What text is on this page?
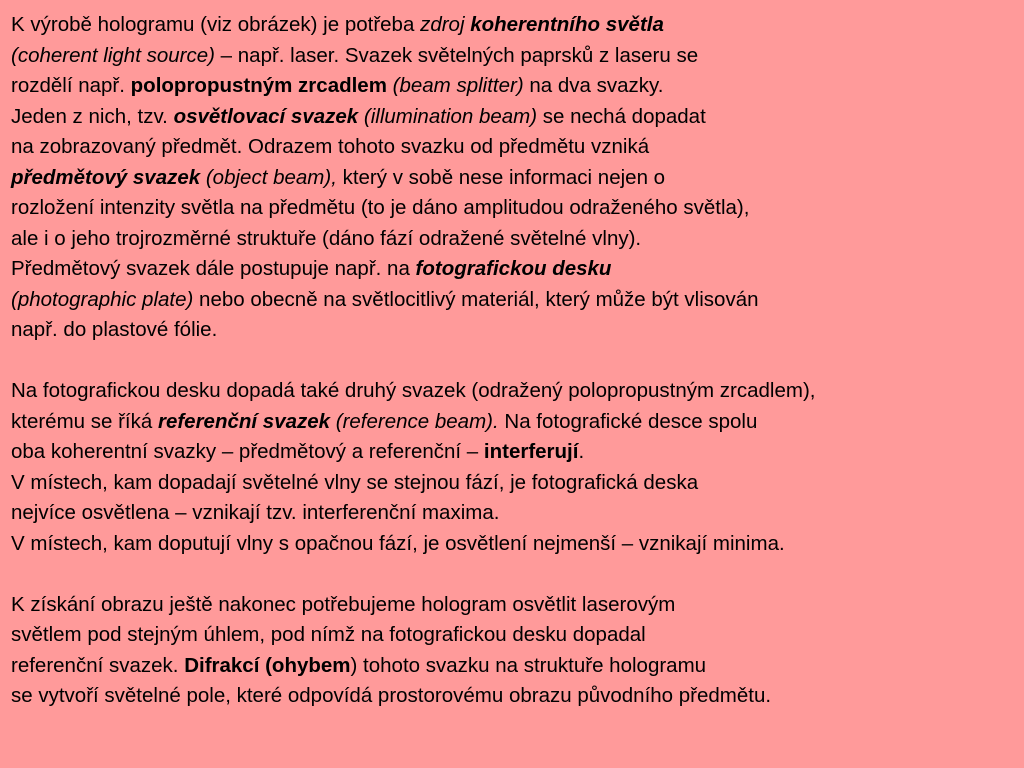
K výrobě hologramu (viz obrázek) je potřeba zdroj koherentního světla
(coherent light source) – např. laser. Svazek světelných paprsků z laseru se
rozdělí např. polopropustným zrcadlem (beam splitter) na dva svazky.
Jeden z nich, tzv. osvětlovací svazek (illumination beam) se nechá dopadat
na zobrazovaný předmět. Odrazem tohoto svazku od předmětu vzniká
předmětový svazek (object beam), který v sobě nese informaci nejen o
rozložení intenzity světla na předmětu (to je dáno amplitudou odraženého světla),
ale i o jeho trojrozměrné struktuře (dáno fází odražené světelné vlny).
Předmětový svazek dále postupuje např. na fotografickou desku
(photographic plate) nebo obecně na světlocitlivý materiál, který může být vlisován
např. do plastové fólie.
Na fotografickou desku dopadá také druhý svazek (odražený polopropustným zrcadlem),
kterému se říká referenční svazek (reference beam). Na fotografické desce spolu
oba koherentní svazky – předmětový a referenční – interferují.
V místech, kam dopadají světelné vlny se stejnou fází, je fotografická deska
nejvíce osvětlena – vznikají tzv. interferenční maxima.
V místech, kam doputují vlny s opačnou fází, je osvětlení nejmenší – vznikají minima.
K získání obrazu ještě nakonec potřebujeme hologram osvětlit laserovým
světlem pod stejným úhlem, pod nímž na fotografickou desku dopadal
referenční svazek. Difrakcí (ohybem) tohoto svazku na struktuře hologramu
se vytvoří světelné pole, které odpovídá prostorovému obrazu původního předmětu.
